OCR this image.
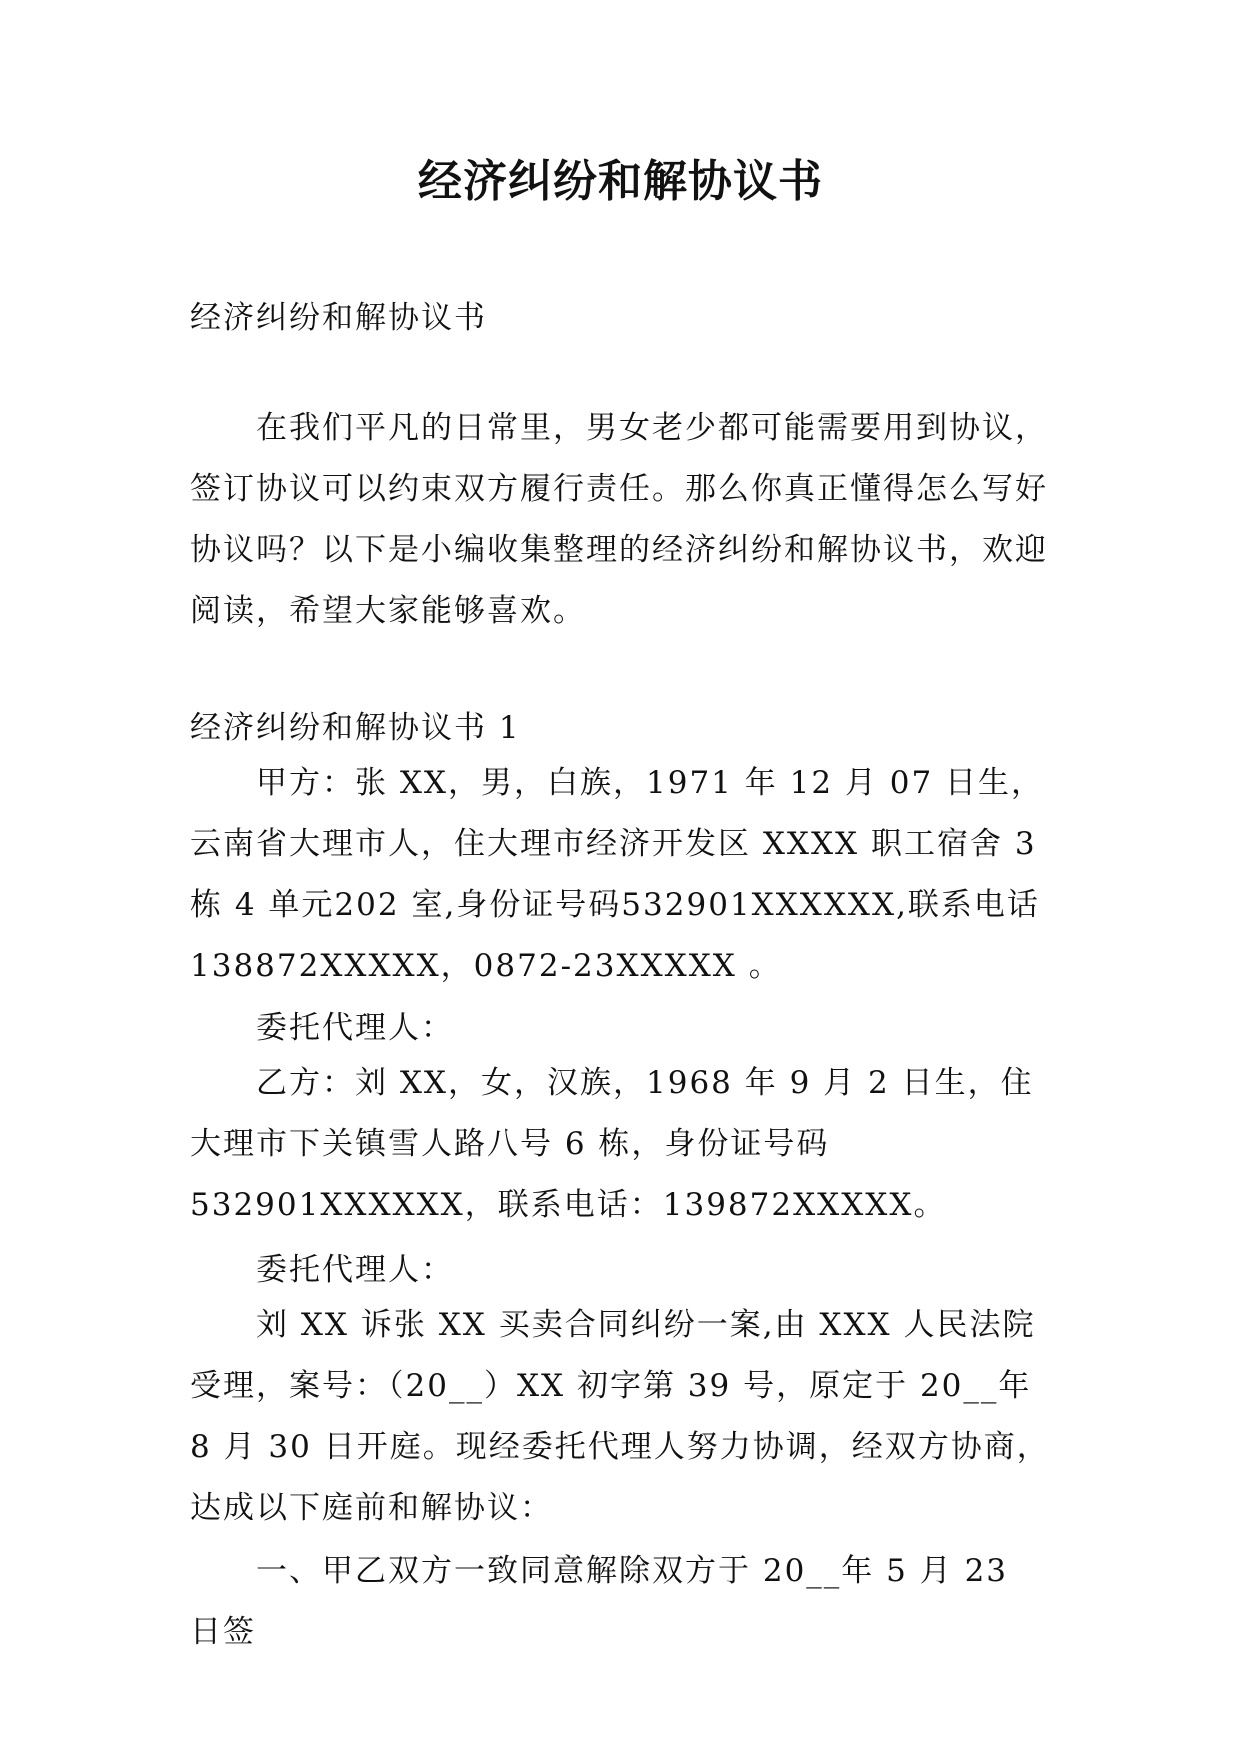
经济纠纷和解协议书

经济纠纷和解协议书

在我们平凡的日常里，男女老少都可能需要用到协议，签订协议可以约束双方履行责任。那么你真正懂得怎么写好协议吗？以下是小编收集整理的经济纠纷和解协议书，欢迎阅读，希望大家能够喜欢。

经济纠纷和解协议书 1

甲方：张 XX，男，白族，1971 年 12 月 07 日生，云南省大理市人，住大理市经济开发区 XXXX 职工宿舍 3 栋 4 单元202 室,身份证号码532901XXXXXX,联系电话138872XXXXX，0872-23XXXXX 。

委托代理人：

乙方：刘 XX，女，汉族，1968 年 9 月 2 日生，住大理市下关镇雪人路八号 6 栋，身份证号码 532901XXXXXX，联系电话：139872XXXXX。

委托代理人：

刘 XX 诉张 XX 买卖合同纠纷一案,由 XXX 人民法院受理，案号：（20__）XX 初字第 39 号，原定于 20__年 8 月 30 日开庭。现经委托代理人努力协调，经双方协商，达成以下庭前和解协议：

一、甲乙双方一致同意解除双方于 20__年 5 月 23 日签
